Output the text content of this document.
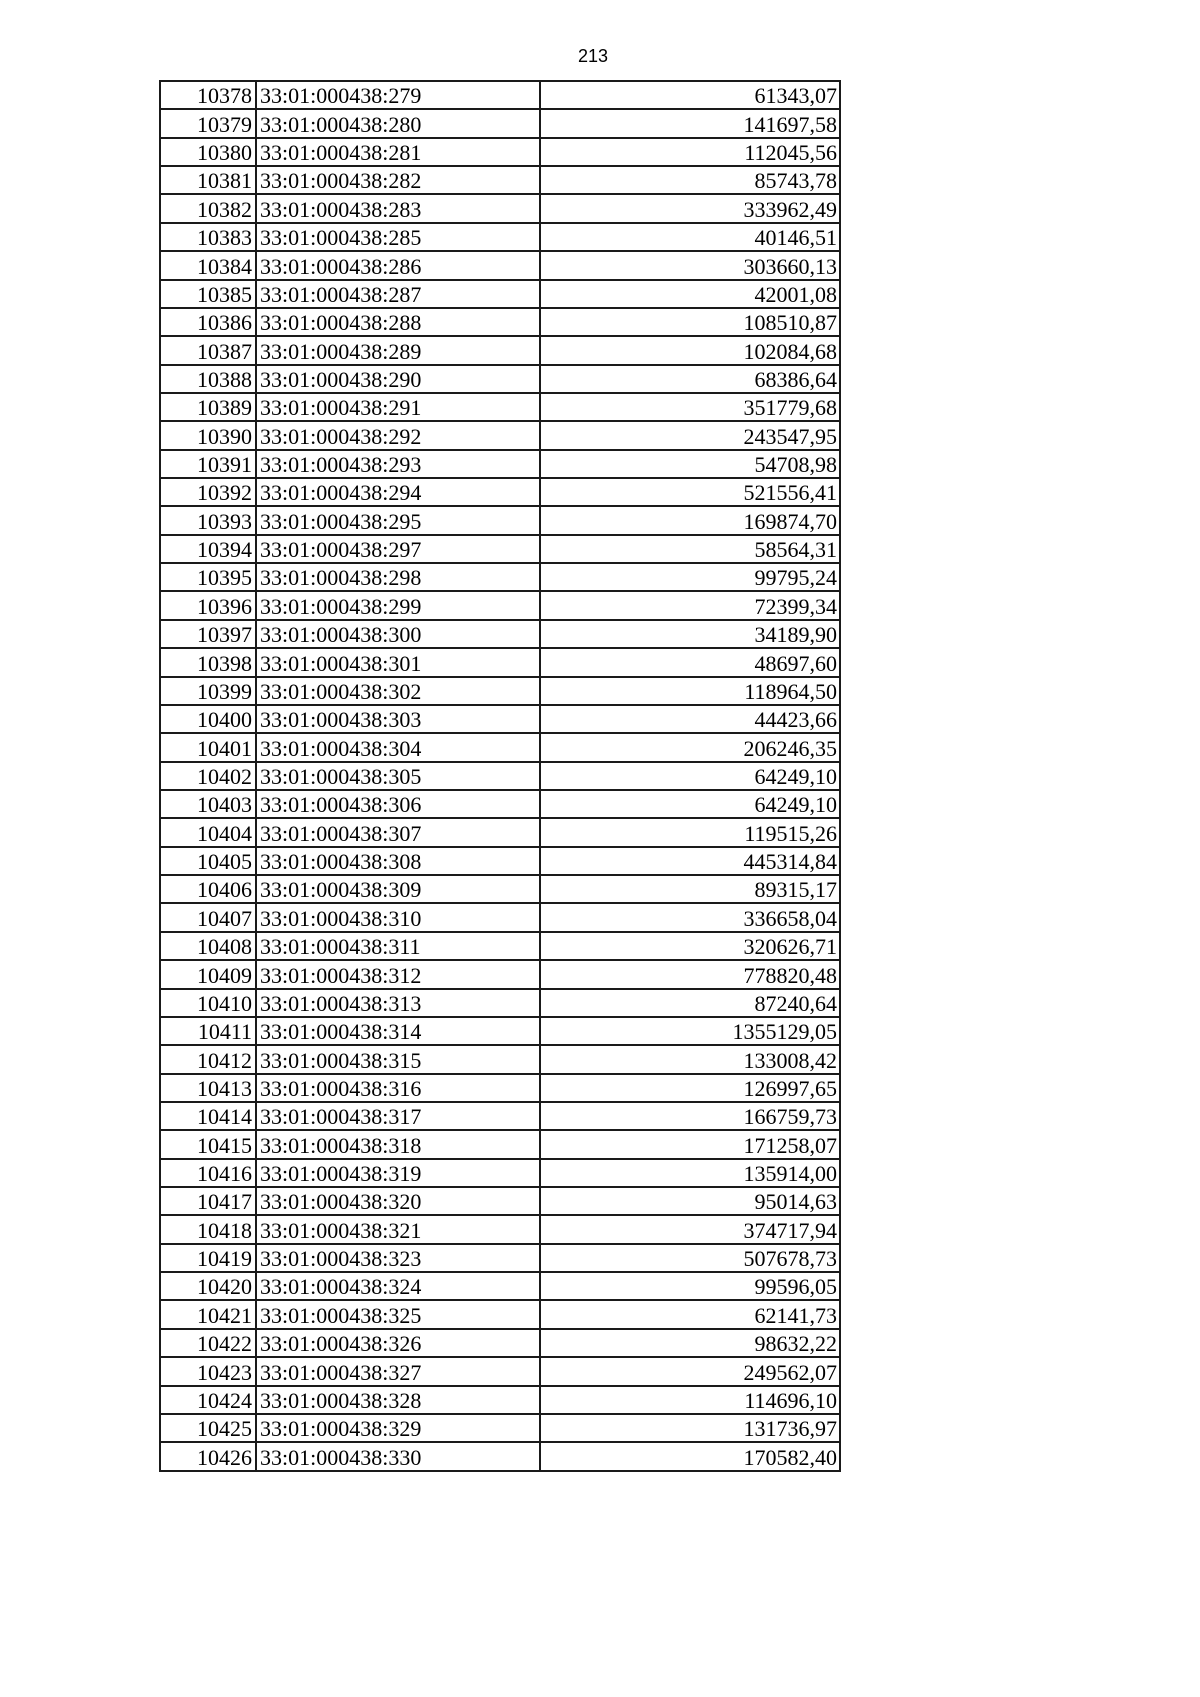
213
10378	33:01:000438:279	61343,07
10379	33:01:000438:280	141697,58
10380	33:01:000438:281	112045,56
10381	33:01:000438:282	85743,78
10382	33:01:000438:283	333962,49
10383	33:01:000438:285	40146,51
10384	33:01:000438:286	303660,13
10385	33:01:000438:287	42001,08
10386	33:01:000438:288	108510,87
10387	33:01:000438:289	102084,68
10388	33:01:000438:290	68386,64
10389	33:01:000438:291	351779,68
10390	33:01:000438:292	243547,95
10391	33:01:000438:293	54708,98
10392	33:01:000438:294	521556,41
10393	33:01:000438:295	169874,70
10394	33:01:000438:297	58564,31
10395	33:01:000438:298	99795,24
10396	33:01:000438:299	72399,34
10397	33:01:000438:300	34189,90
10398	33:01:000438:301	48697,60
10399	33:01:000438:302	118964,50
10400	33:01:000438:303	44423,66
10401	33:01:000438:304	206246,35
10402	33:01:000438:305	64249,10
10403	33:01:000438:306	64249,10
10404	33:01:000438:307	119515,26
10405	33:01:000438:308	445314,84
10406	33:01:000438:309	89315,17
10407	33:01:000438:310	336658,04
10408	33:01:000438:311	320626,71
10409	33:01:000438:312	778820,48
10410	33:01:000438:313	87240,64
10411	33:01:000438:314	1355129,05
10412	33:01:000438:315	133008,42
10413	33:01:000438:316	126997,65
10414	33:01:000438:317	166759,73
10415	33:01:000438:318	171258,07
10416	33:01:000438:319	135914,00
10417	33:01:000438:320	95014,63
10418	33:01:000438:321	374717,94
10419	33:01:000438:323	507678,73
10420	33:01:000438:324	99596,05
10421	33:01:000438:325	62141,73
10422	33:01:000438:326	98632,22
10423	33:01:000438:327	249562,07
10424	33:01:000438:328	114696,10
10425	33:01:000438:329	131736,97
10426	33:01:000438:330	170582,40
